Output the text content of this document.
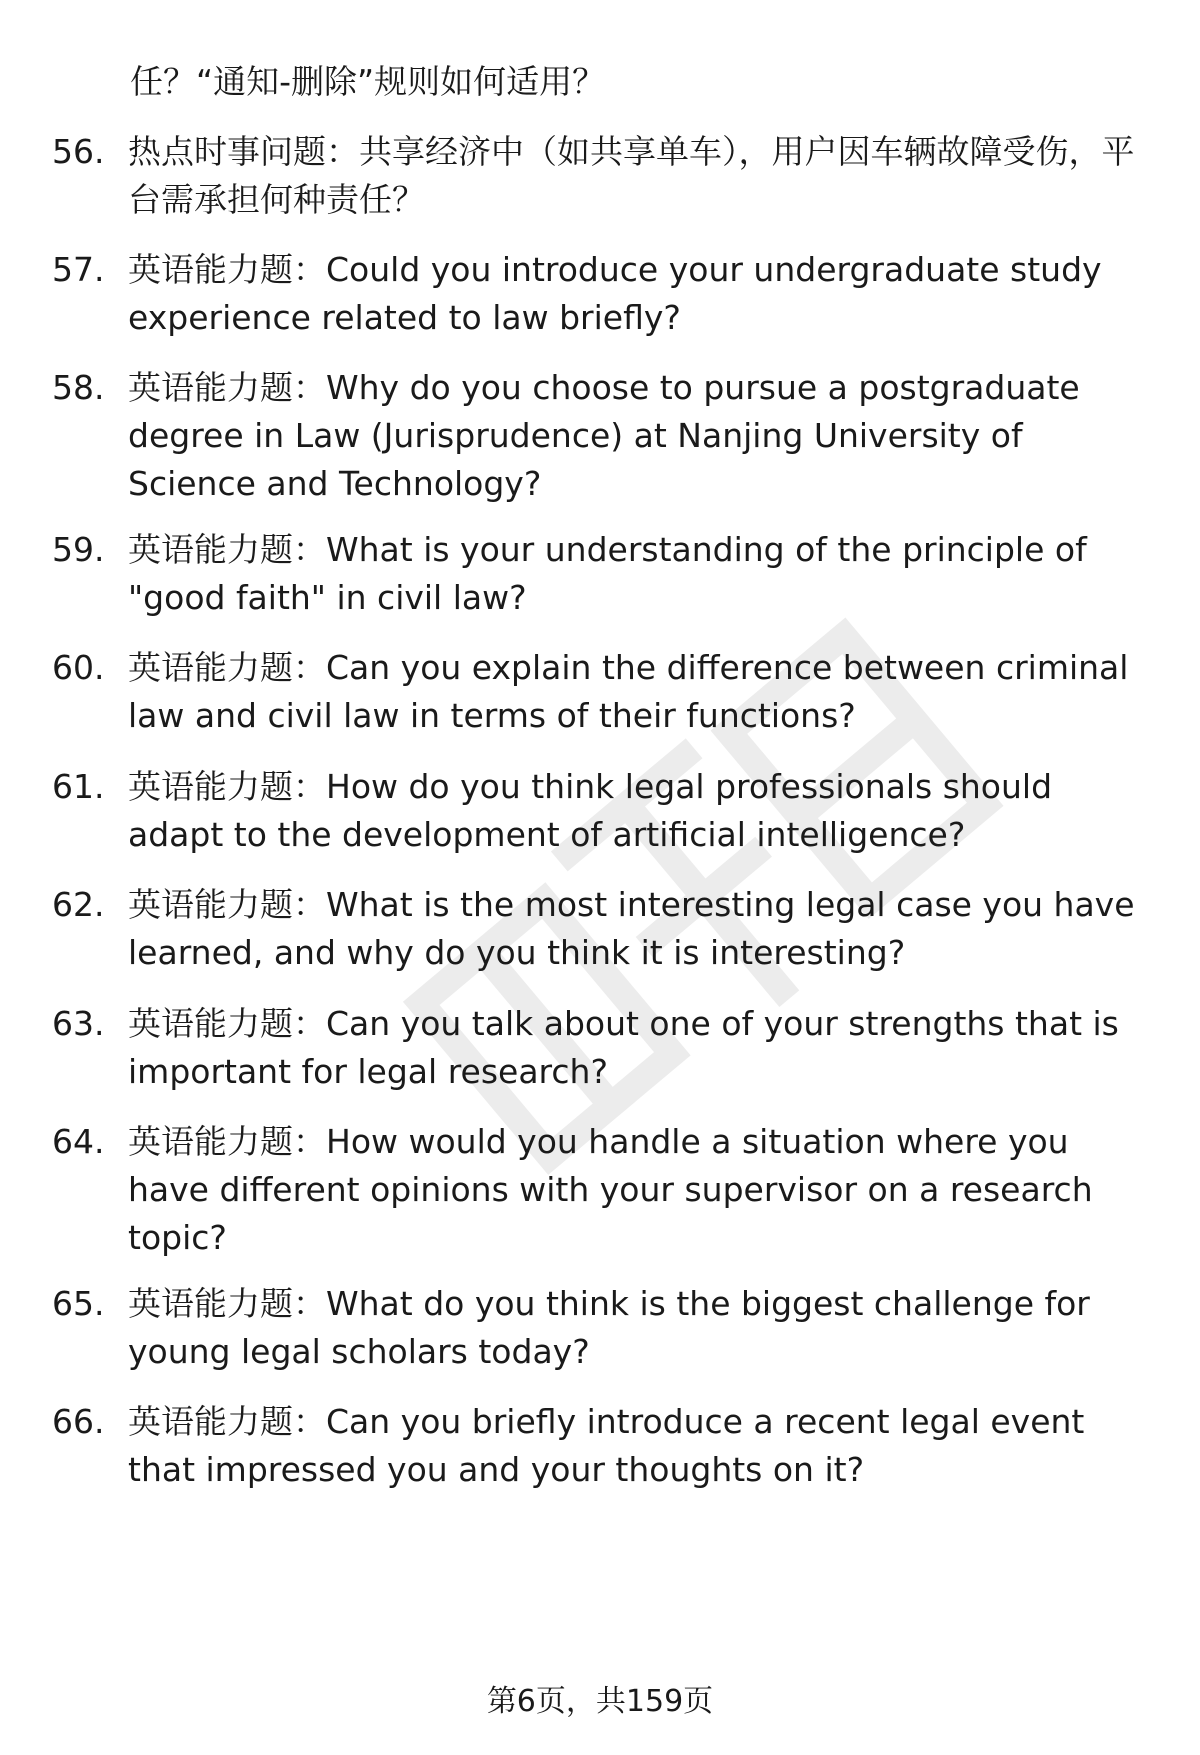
任？“通知-删除”规则如何适用？
56. 热点时事问题：共享经济中（如共享单车），用户因车辆故障受伤，平台需承担何种责任？
57. 英语能力题：Could you introduce your undergraduate study experience related to law briefly?
58. 英语能力题：Why do you choose to pursue a postgraduate degree in Law (Jurisprudence) at Nanjing University of Science and Technology?
59. 英语能力题：What is your understanding of the principle of "good faith" in civil law?
60. 英语能力题：Can you explain the difference between criminal law and civil law in terms of their functions?
61. 英语能力题：How do you think legal professionals should adapt to the development of artificial intelligence?
62. 英语能力题：What is the most interesting legal case you have learned, and why do you think it is interesting?
63. 英语能力题：Can you talk about one of your strengths that is important for legal research?
64. 英语能力题：How would you handle a situation where you have different opinions with your supervisor on a research topic?
65. 英语能力题：What do you think is the biggest challenge for young legal scholars today?
66. 英语能力题：Can you briefly introduce a recent legal event that impressed you and your thoughts on it?
第6页，共159页
